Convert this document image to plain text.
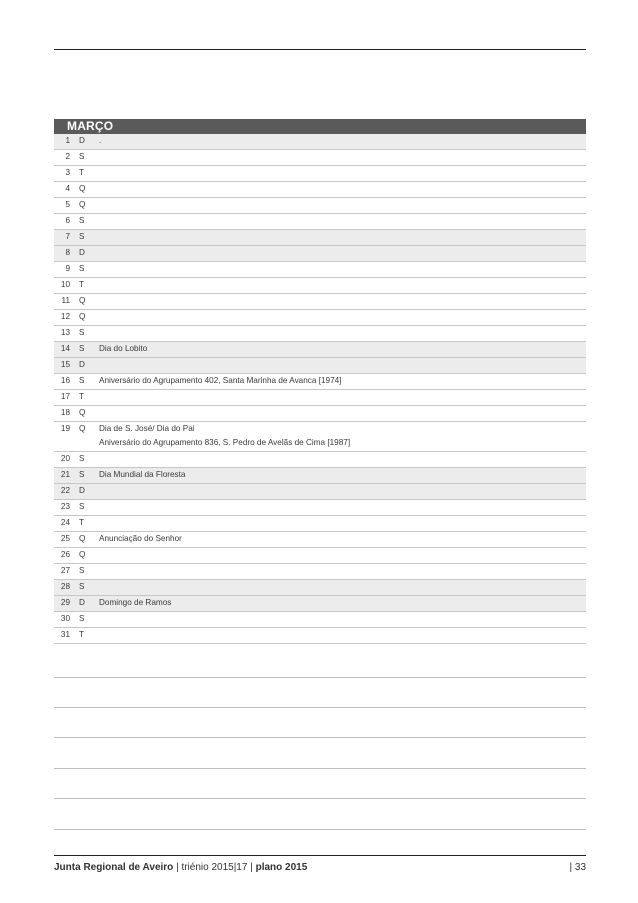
MARÇO
1 D .
2 S
3 T
4 Q
5 Q
6 S
7 S
8 D
9 S
10 T
11 Q
12 Q
13 S
14 S Dia do Lobito
15 D
16 S Aniversário do Agrupamento 402, Santa Marinha de Avanca [1974]
17 T
18 Q
19 Q Dia de S. José/ Dia do Pai
Aniversário do Agrupamento 836, S. Pedro de Avelãs de Cima [1987]
20 S
21 S Dia Mundial da Floresta
22 D
23 S
24 T
25 Q Anunciação do Senhor
26 Q
27 S
28 S
29 D Domingo de Ramos
30 S
31 T
Junta Regional de Aveiro | triénio 2015|17 | plano 2015	| 33
